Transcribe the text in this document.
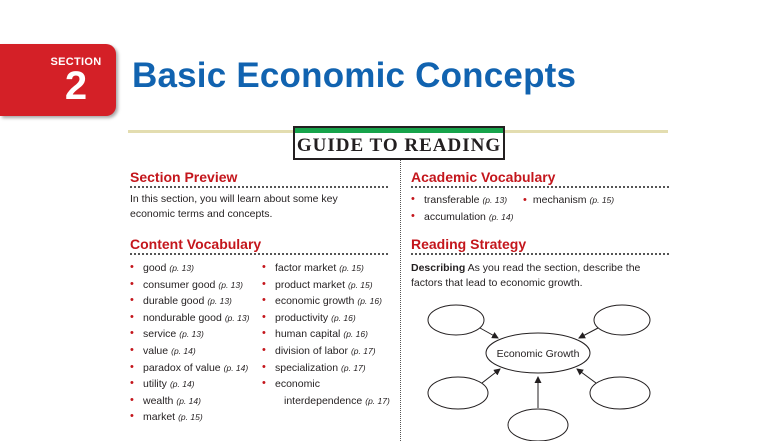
SECTION
2	Basic Economic Concepts
GUIDE TO READING
Section Preview
In this section, you will learn about some key
economic terms and concepts.
Content Vocabulary
• good (p. 13)
• consumer good (p. 13)
• durable good (p. 13)
• nondurable good (p. 13)
• service (p. 13)
• value (p. 14)
• paradox of value (p. 14)
• utility (p. 14)
• wealth (p. 14)
• market (p. 15)
• factor market (p. 15)
• product market (p. 15)
• economic growth (p. 16)
• productivity (p. 16)
• human capital (p. 16)
• division of labor (p. 17)
• specialization (p. 17)
• economic
interdependence (p. 17)
Academic Vocabulary
• transferable (p. 13) • mechanism (p. 15)
• accumulation (p. 14)
Reading Strategy
Describing As you read the section, describe the
factors that lead to economic growth.
Economic Growth
